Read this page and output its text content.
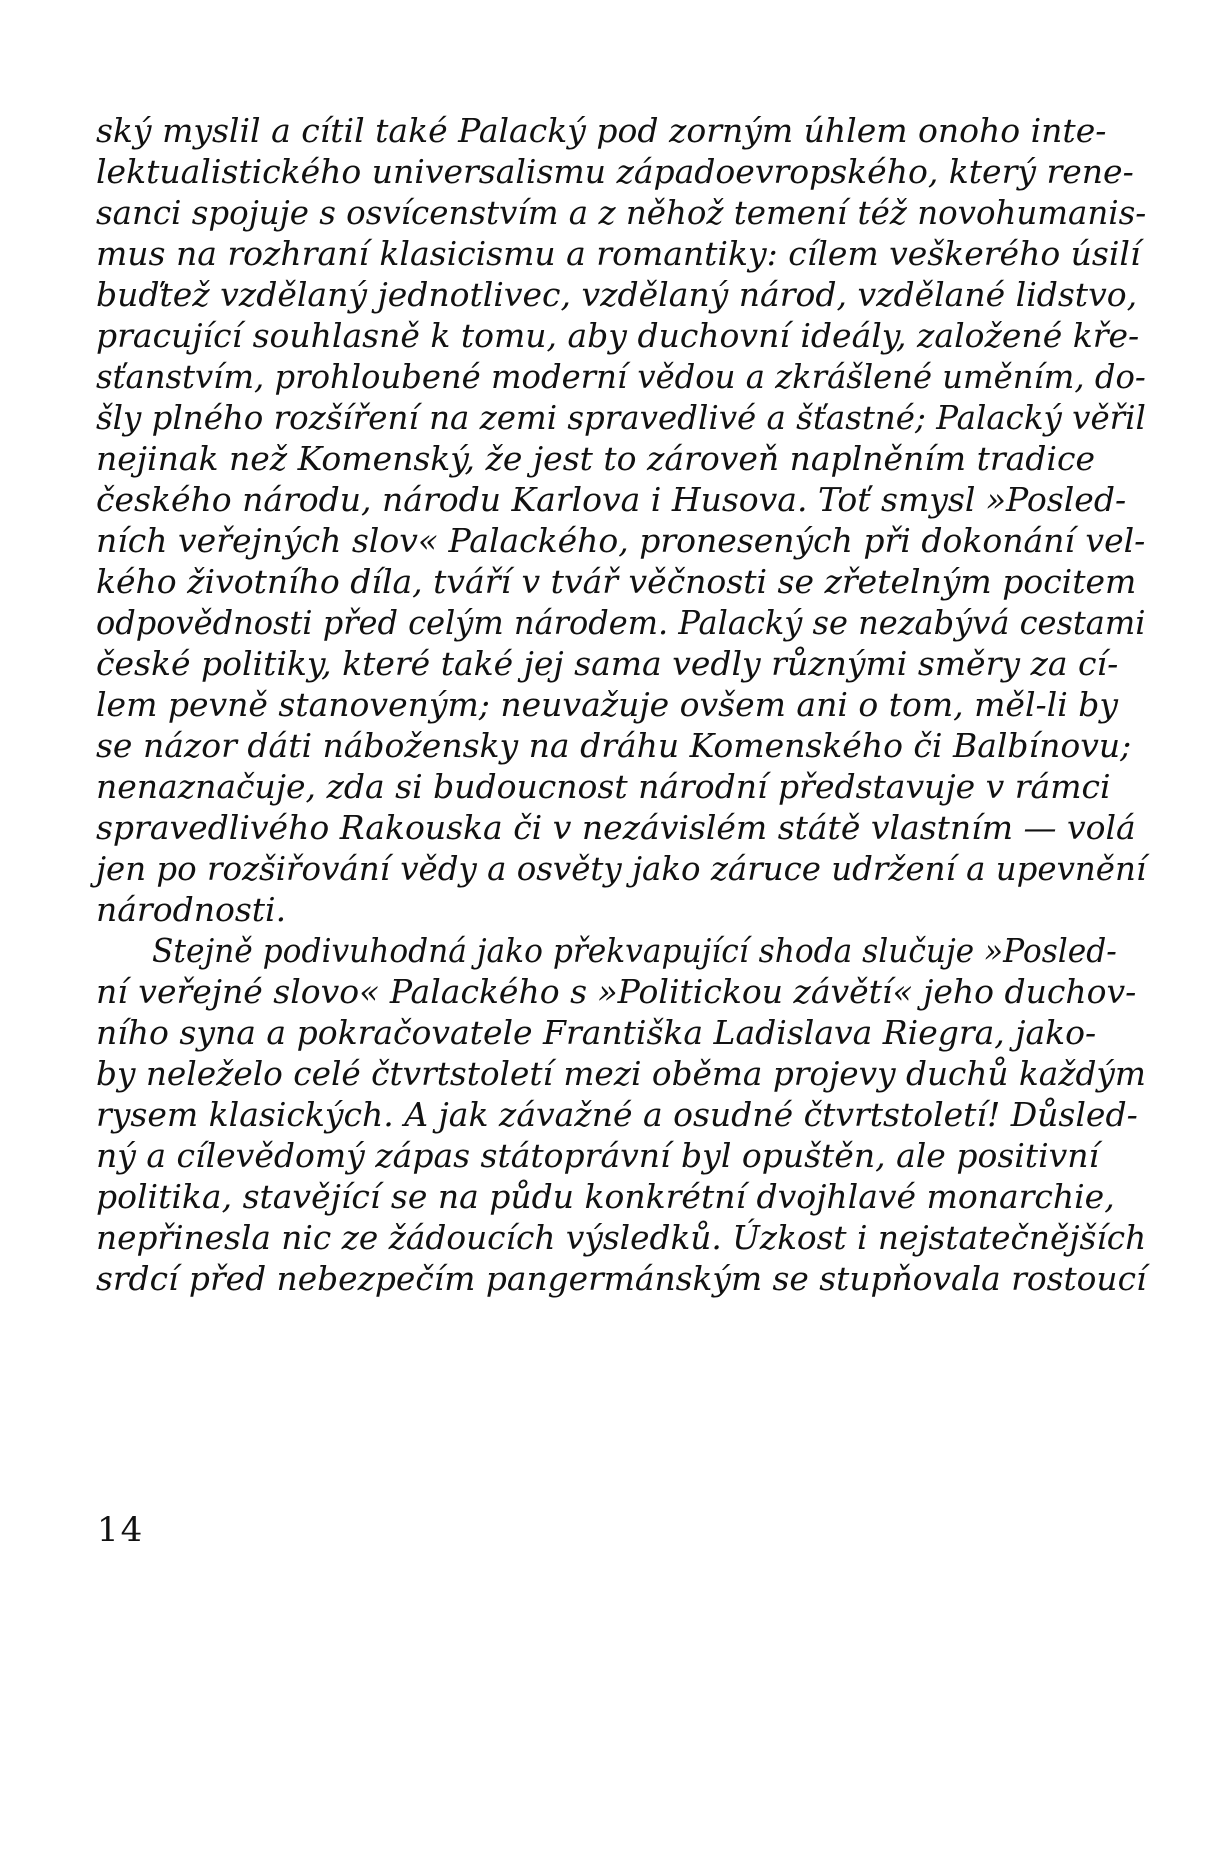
ský myslil a cítil také Palacký pod zorným úhlem onoho inte-
lektualistického universalismu západoevropského, který rene-
sanci spojuje s osvícenstvím a z něhož temení též novohumanis-
mus na rozhraní klasicismu a romantiky: cílem veškerého úsilí
buďtež vzdělaný jednotlivec, vzdělaný národ, vzdělané lidstvo,
pracující souhlasně k tomu, aby duchovní ideály, založené kře-
sťanstvím, prohloubené moderní vědou a zkrášlené uměním, do-
šly plného rozšíření na zemi spravedlivé a šťastné; Palacký věřil
nejinak než Komenský, že jest to zároveň naplněním tradice
českého národu, národu Karlova i Husova. Toť smysl »Posled-
ních veřejných slov« Palackého, pronesených při dokonání vel-
kého životního díla, tváří v tvář věčnosti se zřetelným pocitem
odpovědnosti před celým národem. Palacký se nezabývá cestami
české politiky, které také jej sama vedly různými směry za cí-
lem pevně stanoveným; neuvažuje ovšem ani o tom, měl-li by
se názor dáti nábožensky na dráhu Komenského či Balbínovu;
nenaznačuje, zda si budoucnost národní představuje v rámci
spravedlivého Rakouska či v nezávislém státě vlastním — volá
jen po rozšiřování vědy a osvěty jako záruce udržení a upevnění
národnosti.
Stejně podivuhodná jako překvapující shoda slučuje »Posled-
ní veřejné slovo« Palackého s »Politickou závětí« jeho duchov-
ního syna a pokračovatele Františka Ladislava Riegra, jako-
by neleželo celé čtvrtstoletí mezi oběma projevy duchů každým
rysem klasických. A jak závažné a osudné čtvrtstoletí! Důsled-
ný a cílevědomý zápas státoprávní byl opuštěn, ale positivní
politika, stavějící se na půdu konkrétní dvojhlavé monarchie,
nepřinesla nic ze žádoucích výsledků. Úzkost i nejstatečnějších
srdcí před nebezpečím pangermánským se stupňovala rostoucí
14
